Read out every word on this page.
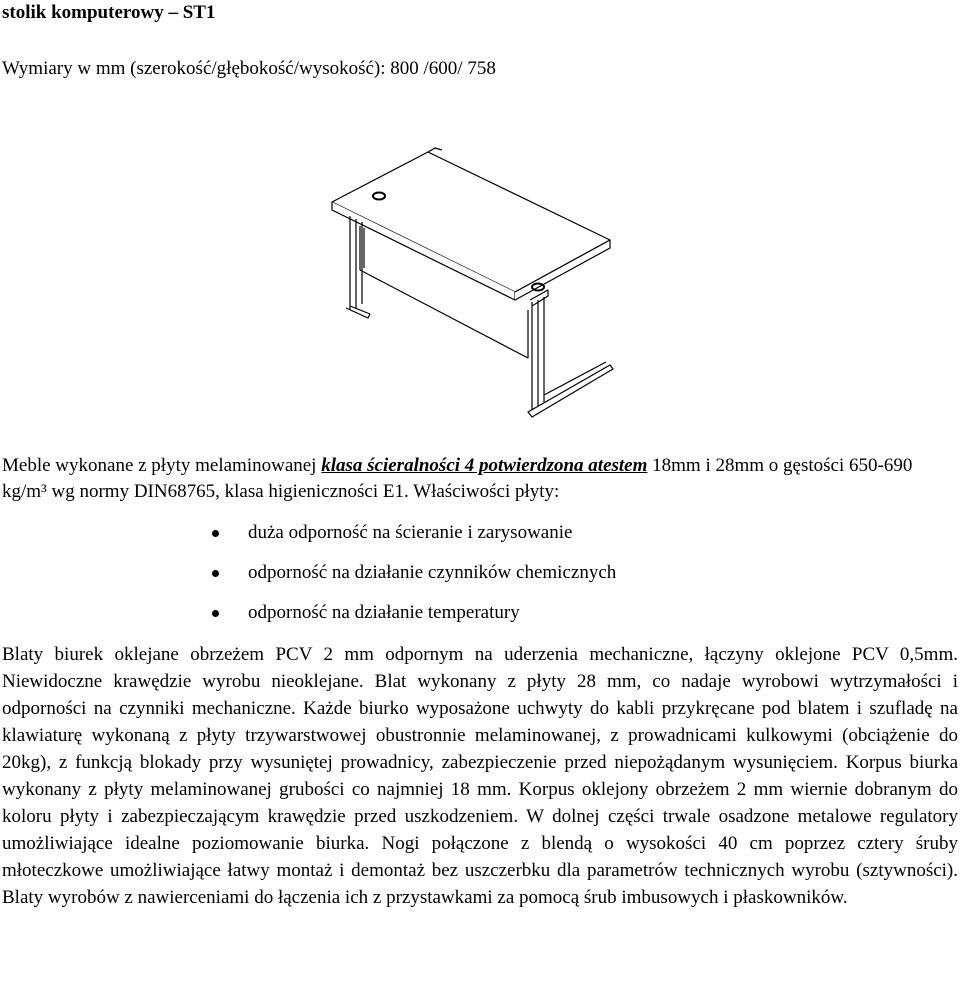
stolik komputerowy – ST1
Wymiary w mm (szerokość/głębokość/wysokość): 800 /600/ 758
Meble wykonane z płyty melaminowanej klasa ścieralności 4 potwierdzona atestem 18mm i 28mm o gęstości 650-690 kg/m³ wg normy DIN68765, klasa higieniczności E1. Właściwości płyty:
duża odporność na ścieranie i zarysowanie
odporność na działanie czynników chemicznych
odporność na działanie temperatury
Blaty biurek oklejane obrzeżem PCV 2 mm odpornym na uderzenia mechaniczne, łączyny oklejone PCV 0,5mm. Niewidoczne krawędzie wyrobu nieoklejane. Blat wykonany z płyty 28 mm, co nadaje wyrobowi wytrzymałości i odporności na czynniki mechaniczne. Każde biurko wyposażone uchwyty do kabli przykręcane pod blatem i szufladę na klawiaturę wykonaną z płyty trzywarstwowej obustronnie melaminowanej, z prowadnicami kulkowymi (obciążenie do 20kg), z funkcją blokady przy wysuniętej prowadnicy, zabezpieczenie przed niepożądanym wysunięciem. Korpus biurka wykonany z płyty melaminowanej grubości co najmniej 18 mm. Korpus oklejony obrzeżem 2 mm wiernie dobranym do koloru płyty i zabezpieczającym krawędzie przed uszkodzeniem. W dolnej części trwale osadzone metalowe regulatory umożliwiające idealne poziomowanie biurka. Nogi połączone z blendą o wysokości 40 cm poprzez cztery śruby młoteczkowe umożliwiające łatwy montaż i demontaż bez uszczerbku dla parametrów technicznych wyrobu (sztywności). Blaty wyrobów z nawierceniami do łączenia ich z przystawkami za pomocą śrub imbusowych i płaskowników.
